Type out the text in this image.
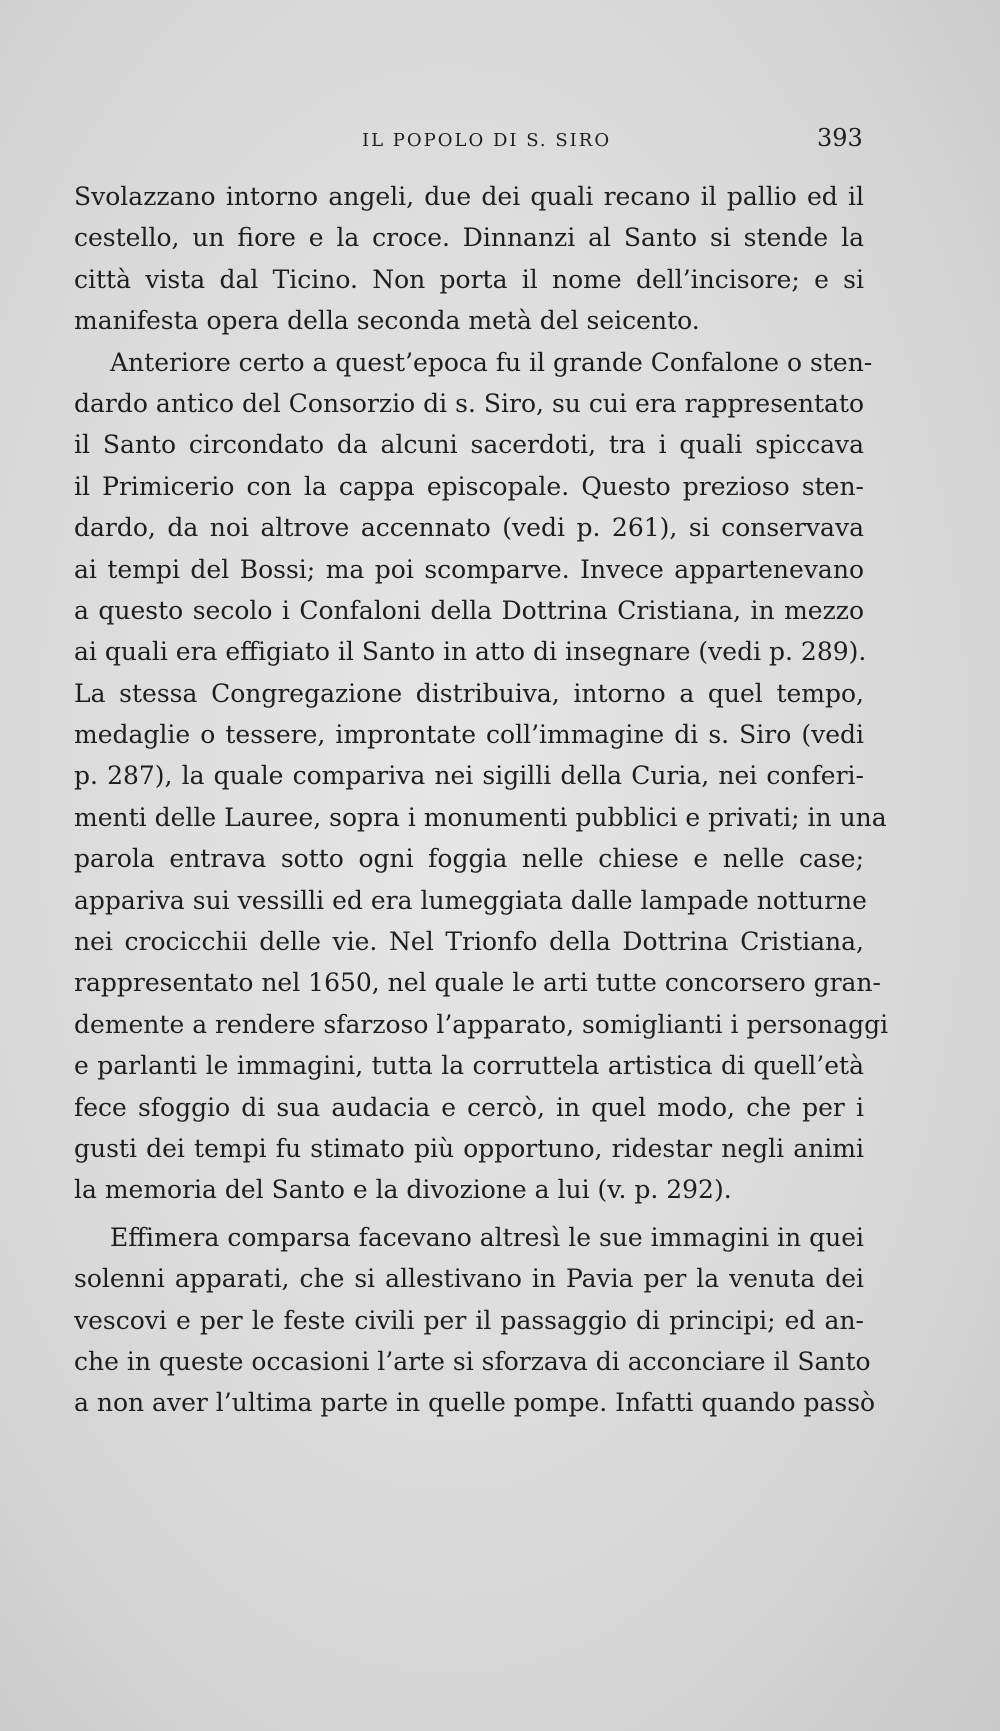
IL POPOLO DI S. SIRO	393
Svolazzano intorno angeli, due dei quali recano il pallio ed il
cestello, un fiore e la croce. Dinnanzi al Santo si stende la
città vista dal Ticino. Non porta il nome dell’incisore; e si
manifesta opera della seconda metà del seicento.
Anteriore certo a quest’epoca fu il grande Confalone o sten-
dardo antico del Consorzio di s. Siro, su cui era rappresentato
il Santo circondato da alcuni sacerdoti, tra i quali spiccava
il Primicerio con la cappa episcopale. Questo prezioso sten-
dardo, da noi altrove accennato (vedi p. 261), si conservava
ai tempi del Bossi; ma poi scomparve. Invece appartenevano
a questo secolo i Confaloni della Dottrina Cristiana, in mezzo
ai quali era effigiato il Santo in atto di insegnare (vedi p. 289).
La stessa Congregazione distribuiva, intorno a quel tempo,
medaglie o tessere, improntate coll’immagine di s. Siro (vedi
p. 287), la quale compariva nei sigilli della Curia, nei conferi-
menti delle Lauree, sopra i monumenti pubblici e privati; in una
parola entrava sotto ogni foggia nelle chiese e nelle case;
appariva sui vessilli ed era lumeggiata dalle lampade notturne
nei crocicchii delle vie. Nel Trionfo della Dottrina Cristiana,
rappresentato nel 1650, nel quale le arti tutte concorsero gran-
demente a rendere sfarzoso l’apparato, somiglianti i personaggi
e parlanti le immagini, tutta la corruttela artistica di quell’età
fece sfoggio di sua audacia e cercò, in quel modo, che per i
gusti dei tempi fu stimato più opportuno, ridestar negli animi
la memoria del Santo e la divozione a lui (v. p. 292).
Effimera comparsa facevano altresì le sue immagini in quei
solenni apparati, che si allestivano in Pavia per la venuta dei
vescovi e per le feste civili per il passaggio di principi; ed an-
che in queste occasioni l’arte si sforzava di acconciare il Santo
a non aver l’ultima parte in quelle pompe. Infatti quando passò
